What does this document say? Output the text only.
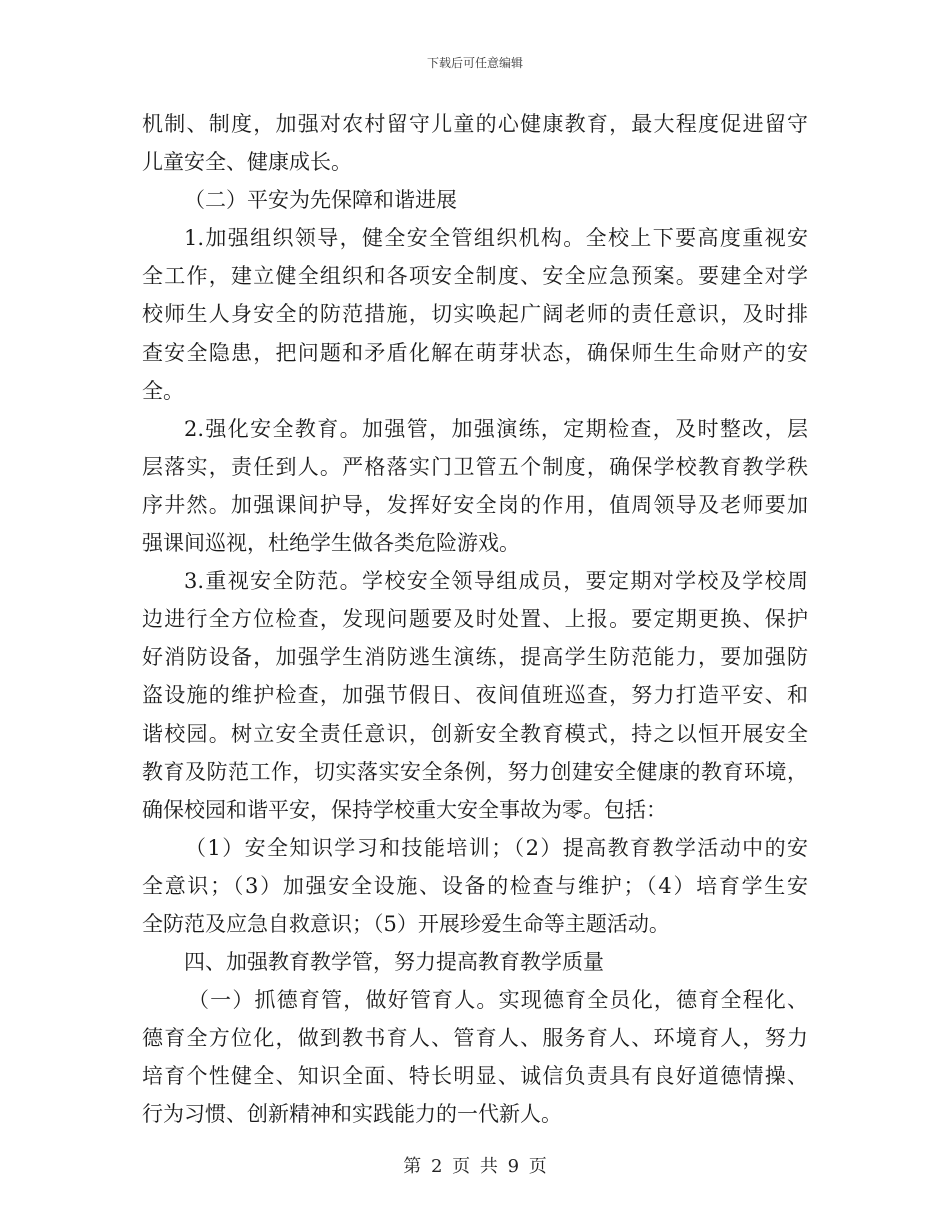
下载后可任意编辑
机制、制度，加强对农村留守儿童的心健康教育，最大程度促进留守
儿童安全、健康成长。
（二）平安为先保障和谐进展
1.加强组织领导，健全安全管组织机构。全校上下要高度重视安
全工作，建立健全组织和各项安全制度、安全应急预案。要建全对学
校师生人身安全的防范措施，切实唤起广阔老师的责任意识，及时排
查安全隐患，把问题和矛盾化解在萌芽状态，确保师生生命财产的安
全。
2.强化安全教育。加强管，加强演练，定期检查，及时整改，层
层落实，责任到人。严格落实门卫管五个制度，确保学校教育教学秩
序井然。加强课间护导，发挥好安全岗的作用，值周领导及老师要加
强课间巡视，杜绝学生做各类危险游戏。
3.重视安全防范。学校安全领导组成员，要定期对学校及学校周
边进行全方位检查，发现问题要及时处置、上报。要定期更换、保护
好消防设备，加强学生消防逃生演练，提高学生防范能力，要加强防
盗设施的维护检查，加强节假日、夜间值班巡查，努力打造平安、和
谐校园。树立安全责任意识，创新安全教育模式，持之以恒开展安全
教育及防范工作，切实落实安全条例，努力创建安全健康的教育环境，
确保校园和谐平安，保持学校重大安全事故为零。包括：
（1）安全知识学习和技能培训；（2）提高教育教学活动中的安
全意识；（3）加强安全设施、设备的检查与维护；（4）培育学生安
全防范及应急自救意识；（5）开展珍爱生命等主题活动。
四、加强教育教学管，努力提高教育教学质量
（一）抓德育管，做好管育人。实现德育全员化，德育全程化、
德育全方位化，做到教书育人、管育人、服务育人、环境育人，努力
培育个性健全、知识全面、特长明显、诚信负责具有良好道德情操、
行为习惯、创新精神和实践能力的一代新人。
第 2 页 共 9 页
